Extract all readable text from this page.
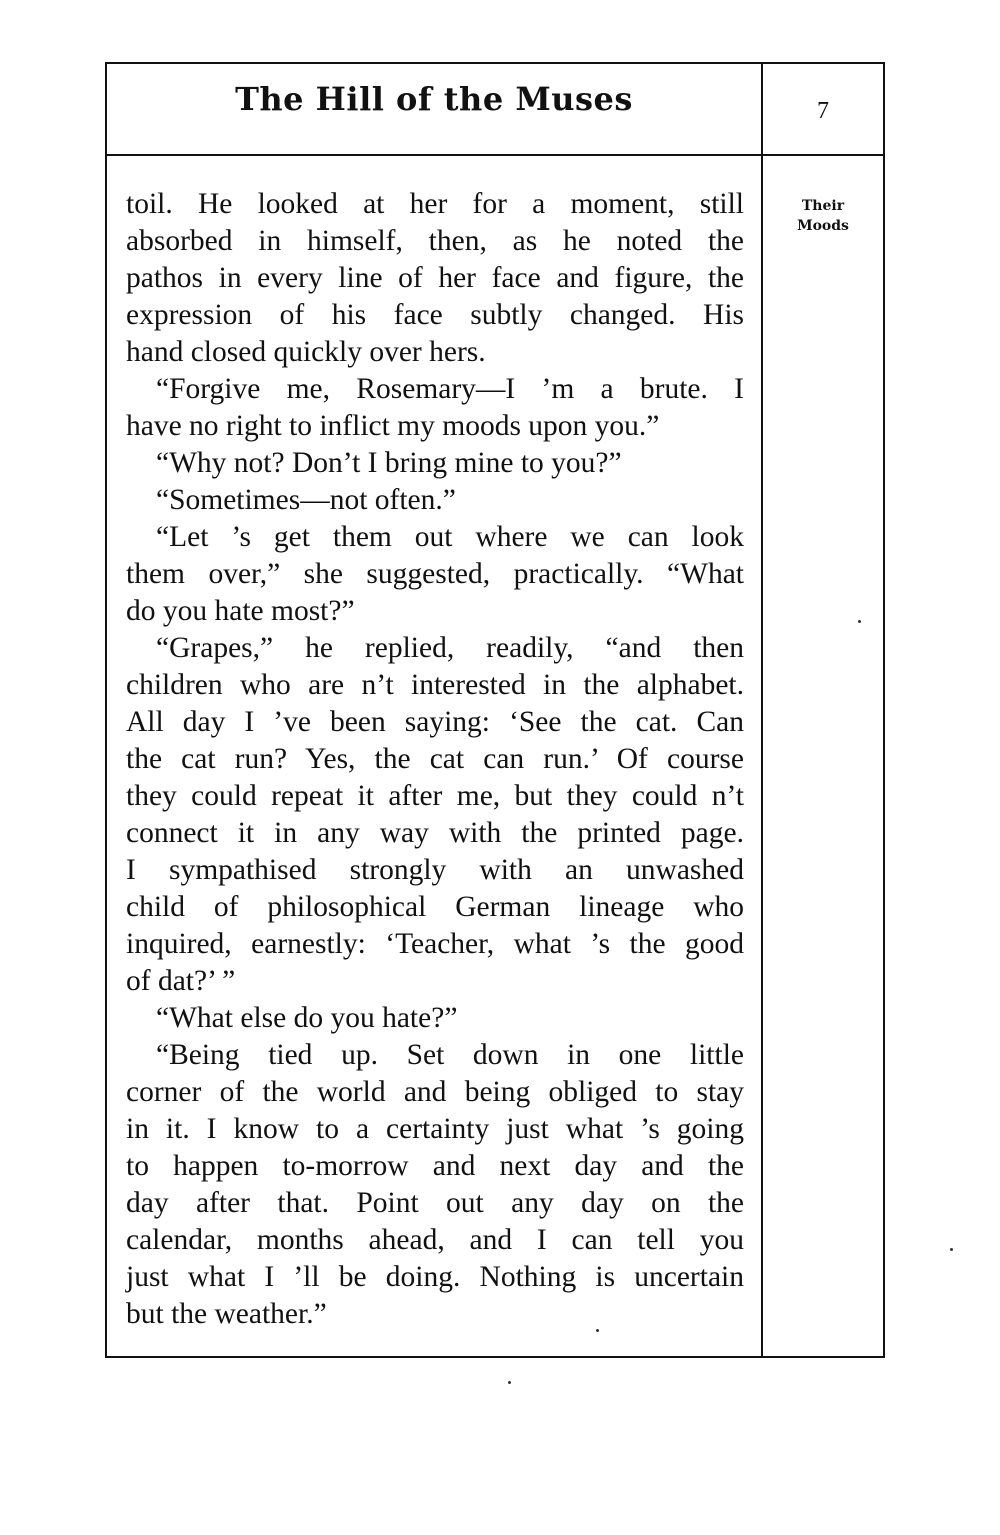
The Hill of the Muses	7
Their
Moods
toil. He looked at her for a moment, still
absorbed in himself, then, as he noted the
pathos in every line of her face and figure, the
expression of his face subtly changed. His
hand closed quickly over hers.
“Forgive me, Rosemary—I ’m a brute. I
have no right to inflict my moods upon you.”
“Why not? Don’t I bring mine to you?”
“Sometimes—not often.”
“Let ’s get them out where we can look
them over,” she suggested, practically. “What
do you hate most?”
“Grapes,” he replied, readily, “and then
children who are n’t interested in the alphabet.
All day I ’ve been saying: ‘See the cat. Can
the cat run? Yes, the cat can run.’ Of course
they could repeat it after me, but they could n’t
connect it in any way with the printed page.
I sympathised strongly with an unwashed
child of philosophical German lineage who
inquired, earnestly: ‘Teacher, what ’s the good
of dat?’ ”
“What else do you hate?”
“Being tied up. Set down in one little
corner of the world and being obliged to stay
in it. I know to a certainty just what ’s going
to happen to-morrow and next day and the
day after that. Point out any day on the
calendar, months ahead, and I can tell you
just what I ’ll be doing. Nothing is uncertain
but the weather.”
